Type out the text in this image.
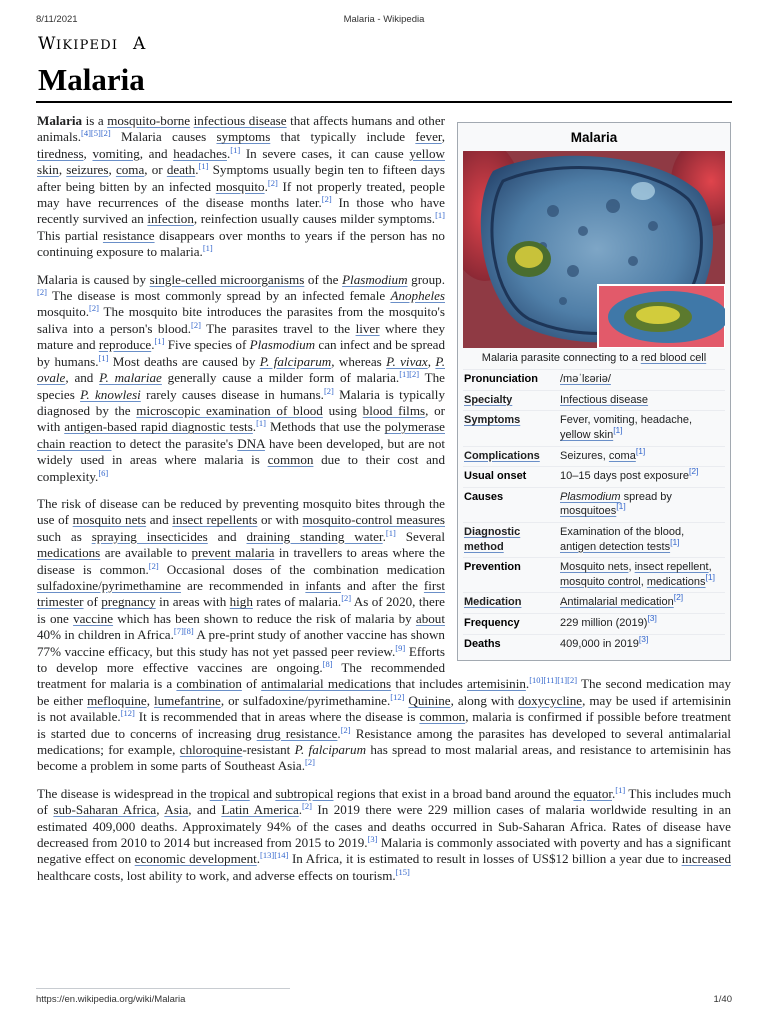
8/11/2021	Malaria - Wikipedia
W IKIPEDI A
Malaria
Malaria
Malaria parasite connecting to a red blood cell
Pronunciation	/məˈlɛəriə/
Specialty	Infectious disease
Symptoms	Fever, vomiting, headache,
yellow skin[1]
Complications	Seizures, coma[1]
Usual onset	10–15 days post exposure[2]
Causes	Plasmodium spread by
mosquitoes[1]
Diagnostic method	Examination of the blood,
antigen detection tests[1]
Prevention	Mosquito nets, insect repellent, mosquito control, medications[1]
Medication	Antimalarial medication[2]
Frequency	229 million (2019)[3]
Deaths	409,000 in 2019[3]

Malaria is a mosquito-borne infectious disease that affects humans and other animals.[4][5][2] Malaria causes symptoms that typically include fever, tiredness, vomiting, and headaches.[1] In severe cases, it can cause yellow skin, seizures, coma, or death.[1] Symptoms usually begin ten to fifteen days after being bitten by an infected mosquito.[2] If not properly treated, people may have recurrences of the disease months later.[2] In those who have recently survived an infection, reinfection usually causes milder symptoms.[1] This partial resistance disappears over months to years if the person has no continuing exposure to malaria.[1]

Malaria is caused by single-celled microorganisms of the Plasmodium group.[2] The disease is most commonly spread by an infected female Anopheles mosquito.[2] The mosquito bite introduces the parasites from the mosquito's saliva into a person's blood.[2] The parasites travel to the liver where they mature and reproduce.[1] Five species of Plasmodium can infect and be spread by humans.[1] Most deaths are caused by P. falciparum, whereas P. vivax, P. ovale, and P. malariae generally cause a milder form of malaria.[1][2] The species P. knowlesi rarely causes disease in humans.[2] Malaria is typically diagnosed by the microscopic examination of blood using blood films, or with antigen-based rapid diagnostic tests.[1] Methods that use the polymerase chain reaction to detect the parasite's DNA have been developed, but are not widely used in areas where malaria is common due to their cost and complexity.[6]

The risk of disease can be reduced by preventing mosquito bites through the use of mosquito nets and insect repellents or with mosquito-control measures such as spraying insecticides and draining standing water.[1] Several medications are available to prevent malaria in travellers to areas where the disease is common.[2] Occasional doses of the combination medication sulfadoxine/pyrimethamine are recommended in infants and after the first trimester of pregnancy in areas with high rates of malaria.[2] As of 2020, there is one vaccine which has been shown to reduce the risk of malaria by about 40% in children in Africa.[7][8] A pre-print study of another vaccine has shown 77% vaccine efficacy, but this study has not yet passed peer review.[9] Efforts to develop more effective vaccines are ongoing.[8] The recommended treatment for malaria is a combination of antimalarial medications that includes artemisinin.[10][11][1][2] The second medication may be either mefloquine, lumefantrine, or sulfadoxine/pyrimethamine.[12] Quinine, along with doxycycline, may be used if artemisinin is not available.[12] It is recommended that in areas where the disease is common, malaria is confirmed if possible before treatment is started due to concerns of increasing drug resistance.[2] Resistance among the parasites has developed to several antimalarial medications; for example, chloroquine-resistant P. falciparum has spread to most malarial areas, and resistance to artemisinin has become a problem in some parts of Southeast Asia.[2]

The disease is widespread in the tropical and subtropical regions that exist in a broad band around the equator.[1] This includes much of sub-Saharan Africa, Asia, and Latin America.[2] In 2019 there were 229 million cases of malaria worldwide resulting in an estimated 409,000 deaths. Approximately 94% of the cases and deaths occurred in Sub-Saharan Africa. Rates of disease have decreased from 2010 to 2014 but increased from 2015 to 2019.[3] Malaria is commonly associated with poverty and has a significant negative effect on economic development.[13][14] In Africa, it is estimated to result in losses of US$12 billion a year due to increased healthcare costs, lost ability to work, and adverse effects on tourism.[15]

https://en.wikipedia.org/wiki/Malaria	1/40
